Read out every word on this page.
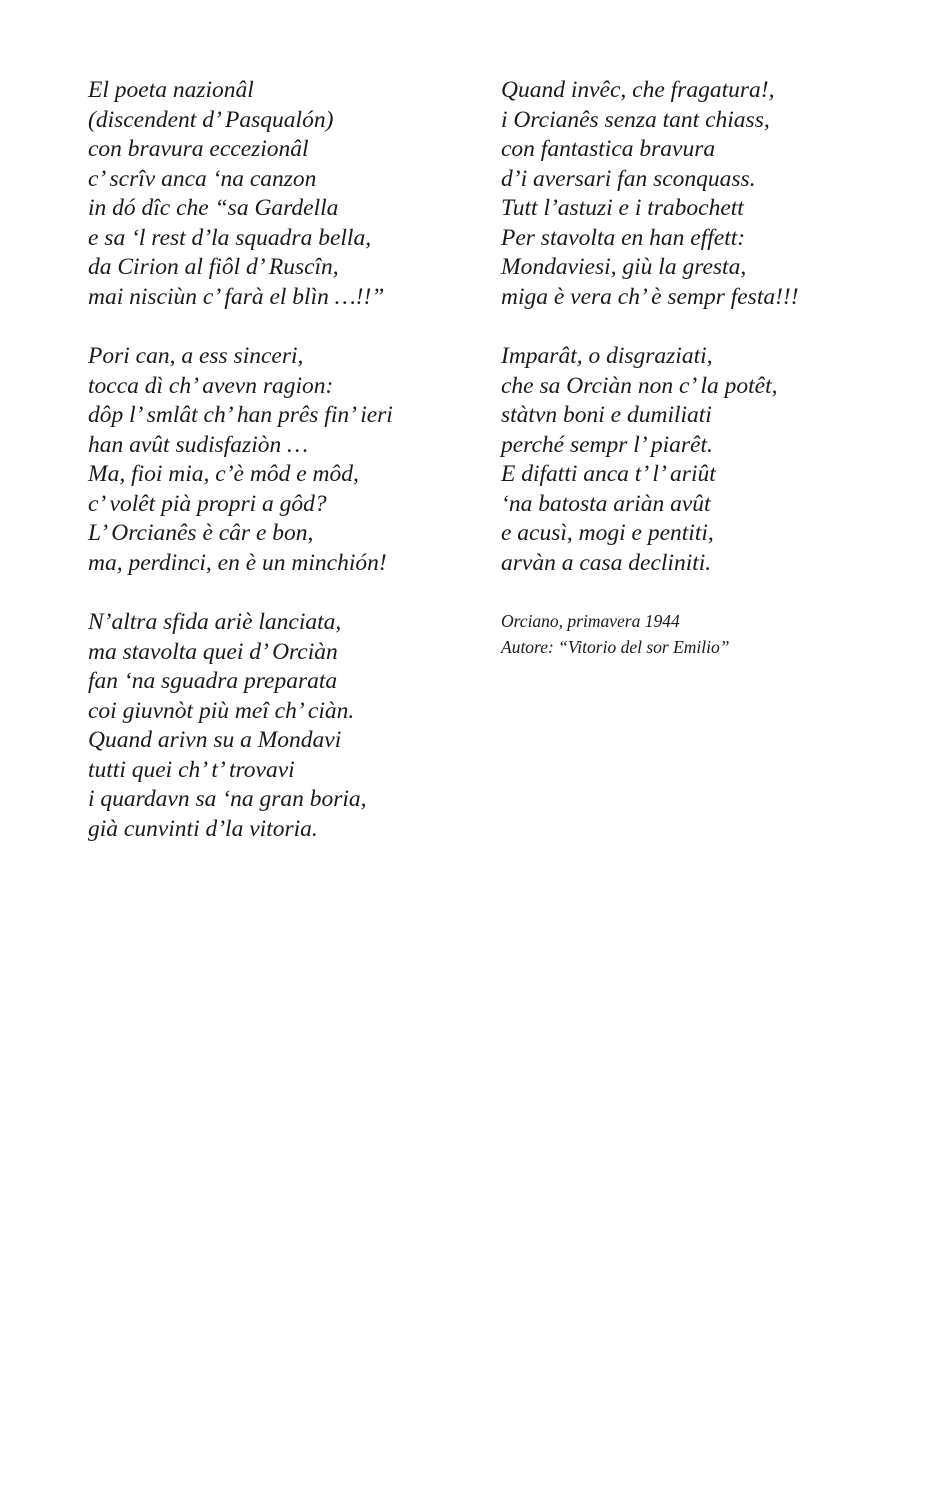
El poeta nazionâl
(discendent d’ Pasqualón)
con bravura eccezionâl
c’ scrîv anca ‘na canzon
in dó dîc che “sa Gardella
e sa ‘l rest d’la squadra bella,
da Cirion al fiôl d’ Ruscîn,
mai nisciùn c’ farà el blìn …!!”
Pori can, a ess sinceri,
tocca dì ch’ avevn ragion:
dôp l’ smlât ch’ han prês fin’ ieri
han avût sudisfaziòn …
Ma, fioi mia, c’è môd e môd,
c’ volêt pià propri a gôd?
L’ Orcianês è câr e bon,
ma, perdinci, en è un minchión!
N’altra sfida ariè lanciata,
ma stavolta quei d’ Orciàn
fan ‘na sguadra preparata
coi giuvnòt più meî ch’ ciàn.
Quand arivn su a Mondavi
tutti quei ch’ t’ trovavi
i quardavn sa ‘na gran boria,
già cunvinti d’la vitoria.
Quand invêc, che fragatura!,
i Orcianês senza tant chiass,
con fantastica bravura
d’i aversari fan sconquass.
Tutt l’astuzi e i trabochett
Per stavolta en han effett:
Mondaviesi, giù la gresta,
miga è vera ch’ è sempr festa!!!
Imparât, o disgraziati,
che sa Orciàn non c’ la potêt,
stàtvn boni e dumiliati
perché sempr l’ piarêt.
E difatti anca t’ l’ ariût
‘na batosta ariàn avût
e acusì, mogi e pentiti,
arvàn a casa decliniti.
Orciano, primavera 1944
Autore: “Vitorio del sor Emilio”
